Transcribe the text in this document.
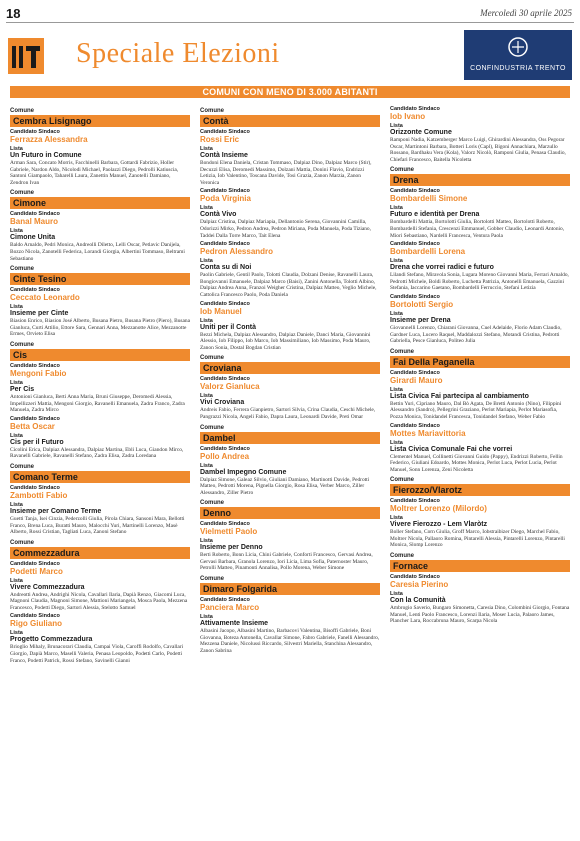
18	Mercoledì 30 aprile 2025
Speciale Elezioni	CONFINDUSTRIA TRENTO
COMUNI CON MENO DI 3.000 ABITANTI
Comune
Cembra Lisignago
Candidato Sindaco
Ferrazza Alessandra
Lista
Un Futuro in Comune
Arman Sara, Concato Morris, Facchinelli Barbara, Gottardi Fabrizio, Holler Gabriele, Nardon Aldo, Nicolodi Michael, Paolazzi Diego, Pedrolli Katiuscia, Santoni Giampaolo, Taharelli Laura, Zanettin Manuel, Zanotelli Damiano, Zendron Ivan
Comune
Cimone
Candidato Sindaco
Banal Mauro
Lista
Cimone Unita
Baldo Arnaldo, Pedri Monica, Andreolli Diletto, Lelli Oscar, Petlavic Danijela, Bozzo Nicola, Zanotelli Federica, Lorandi Giorgia, Albertini Tommaso, Beltrami Sebastiano
Comune
Cinte Tesino
Candidato Sindaco
Ceccato Leonardo
Lista
Insieme per Cinte
Biasion Enrico, Biasion José Alberto, Busana Pietro, Busana Pietro (Piero), Busana Gianluca, Curti Attilio, Ettore Sara, Gennari Anna, Mezzanotte Alice, Mezzanotte Ermes, Orvieto Elisa
Comune
Cis
Candidato Sindaco
Mengoni Fabio
Lista
Per Cis
Antonioni Gianluca, Berti Anna Maria, Bruni Giuseppe, Deromedi Alessia, Impellizzeri Mattia, Mengoni Giorgio, Ravanelli Emanuela, Zadra Franco, Zadra Manuela, Zadra Mirco
Candidato Sindaco
Betta Oscar
Lista
Cis per il Futuro
Cicolini Erica, Dalpiaz Alessandra, Dalpiaz Martina, Ebli Luca, Giandon Mirco, Ravanelli Gabriele, Ravanelli Stefano, Zadra Elisa, Zadra Loredana
Comune
Comano Terme
Candidato Sindaco
Zambotti Fabio
Lista
Insieme per Comano Terme
Guetti Tanja, Isei Cinzia, Pederzolli Giulia, Pirola Chiara, Sansoni Mara, Bellotti Franco, Brena Luca, Buratti Mauro, Malocchi Yuri, Martinelli Lorenzo, Masè Alberto, Rossi Cristian, Tagliati Luca, Zanoni Stefano
Comune
Commezzadura
Candidato Sindaco
Podetti Marco
Lista
Vivere Commezzadura
Andreotti Andrea, Andrighi Nicola, Cavallari Ilaria, Dapià Renzo, Giacomi Luca, Magnoni Claudia, Magnoni Simone, Mattioni Mariangela, Mosca Paola, Mezzena Francesco, Podetti Diego, Sartori Alessia, Stelotto Samuel
Candidato Sindaco
Rigo Giuliano
Lista
Progetto Commezzadura
Brioglio Mihaly, Brunacorari Claudia, Campai Viola, Caroffi Rodolfo, Cavallari Giorgio, Dapià Marco, Maselli Valeria, Penasa Leopoldo, Podetti Carlo, Podetti Franco, Podetti Patrick, Rossi Stefano, Savinelli Gianni
Comune
Contà
Candidato Sindaco
Rossi Eric
Lista
Contà Insieme
Bondoni Elena Daniela, Cristan Tommaso, Dalpiaz Dino, Dalpiaz Marco (Stir), Decuzzi Elisa, Deromedi Massimo, Dolzani Mattia, Donini Flavio, Endrizzi Letizia, Iob Valentino, Toscana Davide, Tosi Grazia, Zanon Marzia, Zanon Veronica
Candidato Sindaco
Poda Virginia
Lista
Contà Vivo
Dalpiaz Cristina, Dalpiaz Mariapia, Dellantonio Serena, Giovannini Camilla, Odorizzi Mirko, Pedron Andrea, Pedron Miriana, Poda Manuela, Poda Tiziano, Taddei Dalla Torre Marco, Tait Elena
Candidato Sindaco
Pedron Alessandro
Lista
Conta su di Noi
Paolin Gabriele, Gentil Paolo, Tolotti Claudia, Dolzani Denise, Ravanelli Laura, Bongiovanni Emanuele, Dalpiaz Marco (Baisi), Zanini Antonella, Tolotti Albino, Dalpiaz Andrea Anna, Franzoi Weigher Cristina, Dalpiaz Matteo, Veglio Michele, Cattolica Francesco Paolo, Poda Daniela
Candidato Sindaco
Iob Manuel
Lista
Uniti per il Contà
Bezzi Michela, Dalpiaz Alessandro, Dalpiaz Daniele, Danci Maria, Giovannini Alessio, Iob Filippo, Iob Marco, Iob Massimiliano, Iob Massimo, Poda Mauro, Zanon Sonia, Dostal Bogdan Cristian
Comune
Croviana
Candidato Sindaco
Valorz Gianluca
Lista
Vivi Croviana
Andreis Fabio, Ferrera Gianpietro, Sartori Silvia, Crina Claudia, Ceschi Michele, Pangrazzi Nicola, Angeli Fabio, Dapra Laura, Leonardi Davide, Preti Omar
Comune
Dambel
Candidato Sindaco
Pollo Andrea
Lista
Dambel Impegno Comune
Dalpiaz Simone, Galeaz Silvio, Giuliani Damiano, Martinotti Davide, Pedrotti Matteo, Pedrotti Morena, Pignella Giorgio, Rosa Elisa, Verber Marco, Ziller Alessandro, Ziller Pietro
Comune
Denno
Candidato Sindaco
Vielmetti Paolo
Lista
Insieme per Denno
Berti Roberto, Bonn Licia, Chini Gabriele, Conforti Francesco, Gervasi Andrea, Gervasi Barbara, Granola Lorenzo, Iori Licia, Lima Sofia, Paternoster Mauro, Petrolli Matteo, Pinamonti Annalisa, Pollo Morena, Weber Simone
Comune
Dimaro Folgarida
Candidato Sindaco
Panciera Marco
Lista
Attivamente Insieme
Albasini Jacopo, Albasini Martino, Barbacovi Valentina, Bisoffi Gabriele, Boni Giovanna, Boteza Antonella, Cavallar Simone, Fabro Gabriele, Fanelli Alessandro, Mezzena Daniele, Nicolussi Riccardo, Silvestri Mariella, Stanchina Alessandro, Zanon Sabrina
Candidato Sindaco
Iob Ivano
Lista
Orizzonte Comune
Ramponi Nadia, Katzemberger Marco Luigi, Ghirardini Alessandra, Oss Pegorar Oscar, Martintoni Barbara, Botteri Loris (Capl), Bigoni Annachiara, Marzullo Rossano, Bardhaku Vera (Kola), Valorz Nicolò, Ramponi Giulia, Penasa Claudio, Chiefari Francesco, Baitella Nicoletta
Comune
Drena
Candidato Sindaco
Bombardelli Simone
Lista
Futuro e identità per Drena
Bombardelli Mattia, Bortolotti Giulia, Bortolotti Matteo, Bortolotti Roberto, Bombardelli Stefania, Crescenzi Emmanuel, Gobber Claudio, Leonardi Antonio, Miori Sebastiano, Nardelli Francesca, Ventura Paola
Candidato Sindaco
Bombardelli Lorena
Lista
Drena che vorrei radici e futuro
Lilandi Stefano, Miravola Sonia, Lugara Moreno Giovanni Maria, Ferrari Arnaldo, Pedrotti Michele, Boldi Roberto, Luchetta Patrizia, Antonelli Emanuela, Gazzini Stefania, Iaccarino Gaetano, Bombardelli Ferruccio, Stefani Letizia
Candidato Sindaco
Bortolotti Sergio
Lista
Insieme per Drena
Giovannelli Lorenzo, Chiarani Giovanna, Cuel Adelaide, Florio Adam Claudio, Gardner Luca, Lucero Raquel, Maddalozzi Stefano, Motandi Cristina, Pedrotti Gabriella, Pesce Gianluca, Politeo Julia
Comune
Fai Della Paganella
Candidato Sindaco
Girardi Mauro
Lista
Lista Civica Fai partecipa al cambiamento
Bettin Yuri, Cipriano Mauro, Dal Bò Agata, De Bretti Antonio (Nino), Filippini Alessandro (Sandro), Pellegrini Graziano, Perlot Mariapia, Perlot Mariasofia, Pozza Monica, Tonidandel Francesca, Tonidandel Stefano, Weber Fabio
Candidato Sindaco
Mottes Mariavittoria
Lista
Lista Civica Comunale Fai che vorrei
Clementel Manuel, Collinetti Giovanni Guido (Pappy), Endrizzi Roberto, Fellin Federico, Giuliani Edoardo, Mottes Monica, Perlot Luca, Perlot Lucia, Perlot Manuel, Sonn Lorenza, Zeni Nicoletta
Comune
Fierozzo/Vlarotz
Candidato Sindaco
Moltrer Lorenzo (Milordo)
Lista
Vivere Fierozzo - Lem Vlaròtz
Boller Stefano, Corn Giulia, Groff Marco, Iobstraibizer Diego, Marchel Fabio, Moltrer Nicola, Pallaoro Romina, Pintarelli Alessia, Pintarelli Lorenzo, Pintarelli Monica, Slomp Lorenzo
Comune
Fornace
Candidato Sindaco
Caresia Pierino
Lista
Con la Comunità
Ambrogio Saverio, Bungaro Simonetta, Caresia Dino, Colombini Giorgio, Fontana Manuel, Lenti Paolo Francesco, Lorenzi Ilaria, Moser Lucia, Palaoro James, Plancher Lara, Roccabruna Mauro, Scarpa Nicola
